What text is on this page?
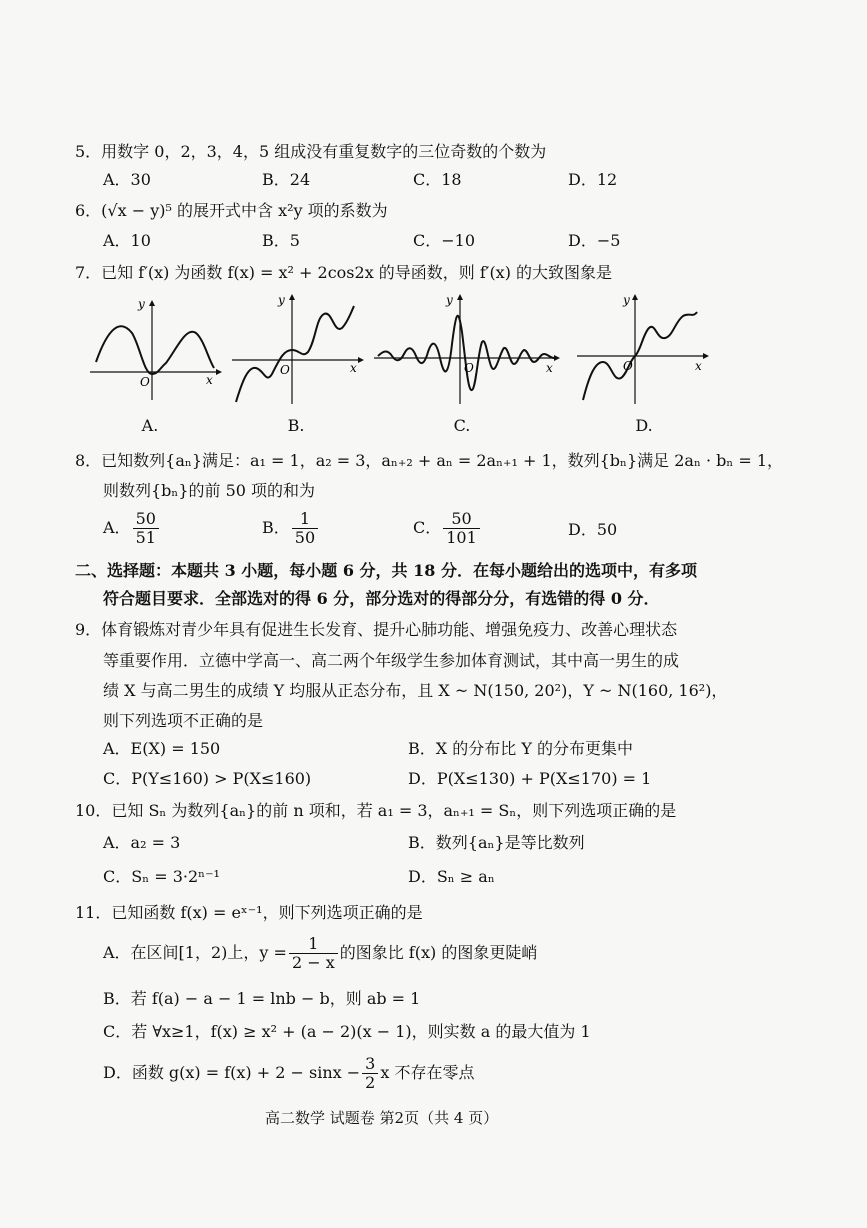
5．用数字 0，2，3，4，5 组成没有重复数字的三位奇数的个数为
A．30	B．24	C．18	D．12
6．(√x − y)⁵ 的展开式中含 x²y 项的系数为
A．10	B．5	C．−10	D．−5
7．已知 f′(x) 为函数 f(x) = x² + 2cos2x 的导函数，则 f′(x) 的大致图象是
y
x
O
y
x
O
y
x
O
y
x
O
A.	B.	C.	D.
8．已知数列{aₙ}满足：a₁ = 1，a₂ = 3，aₙ₊₂ + aₙ = 2aₙ₊₁ + 1，数列{bₙ}满足 2aₙ · bₙ = 1，
则数列{bₙ}的前 50 项的和为
A． $\frac{50}{51}$	B． $\frac{1}{50}$	C． $\frac{50}{101}$	D．50
二、选择题：本题共 3 小题，每小题 6 分，共 18 分．在每小题给出的选项中，有多项
符合题目要求．全部选对的得 6 分，部分选对的得部分分，有选错的得 0 分．
9．体育锻炼对青少年具有促进生长发育、提升心肺功能、增强免疫力、改善心理状态
等重要作用．立德中学高一、高二两个年级学生参加体育测试，其中高一男生的成
绩 X 与高二男生的成绩 Y 均服从正态分布，且 X ~ N(150, 20²)，Y ~ N(160, 16²)，
则下列选项不正确的是
A．E(X) = 150	B．X 的分布比 Y 的分布更集中
C．P(Y≤160) > P(X≤160)	D．P(X≤130) + P(X≤170) = 1
10．已知 Sₙ 为数列{aₙ}的前 n 项和，若 a₁ = 3，aₙ₊₁ = Sₙ，则下列选项正确的是
A．a₂ = 3	B．数列{aₙ}是等比数列
C．Sₙ = 3·2ⁿ⁻¹	D．Sₙ ≥ aₙ
11．已知函数 f(x) = eˣ⁻¹，则下列选项正确的是
A．在区间[1，2)上，$y = \frac{1}{2 - x}$ 的图象比 f(x) 的图象更陡峭
B．若 f(a) − a − 1 = lnb − b，则 ab = 1
C．若 ∀x≥1，f(x) ≥ x² + (a − 2)(x − 1)，则实数 a 的最大值为 1
D．函数 $g(x) = f(x) + 2 - \sin x - \frac{3}{2}$ x 不存在零点
高二数学 试题卷 第2页（共 4 页）
